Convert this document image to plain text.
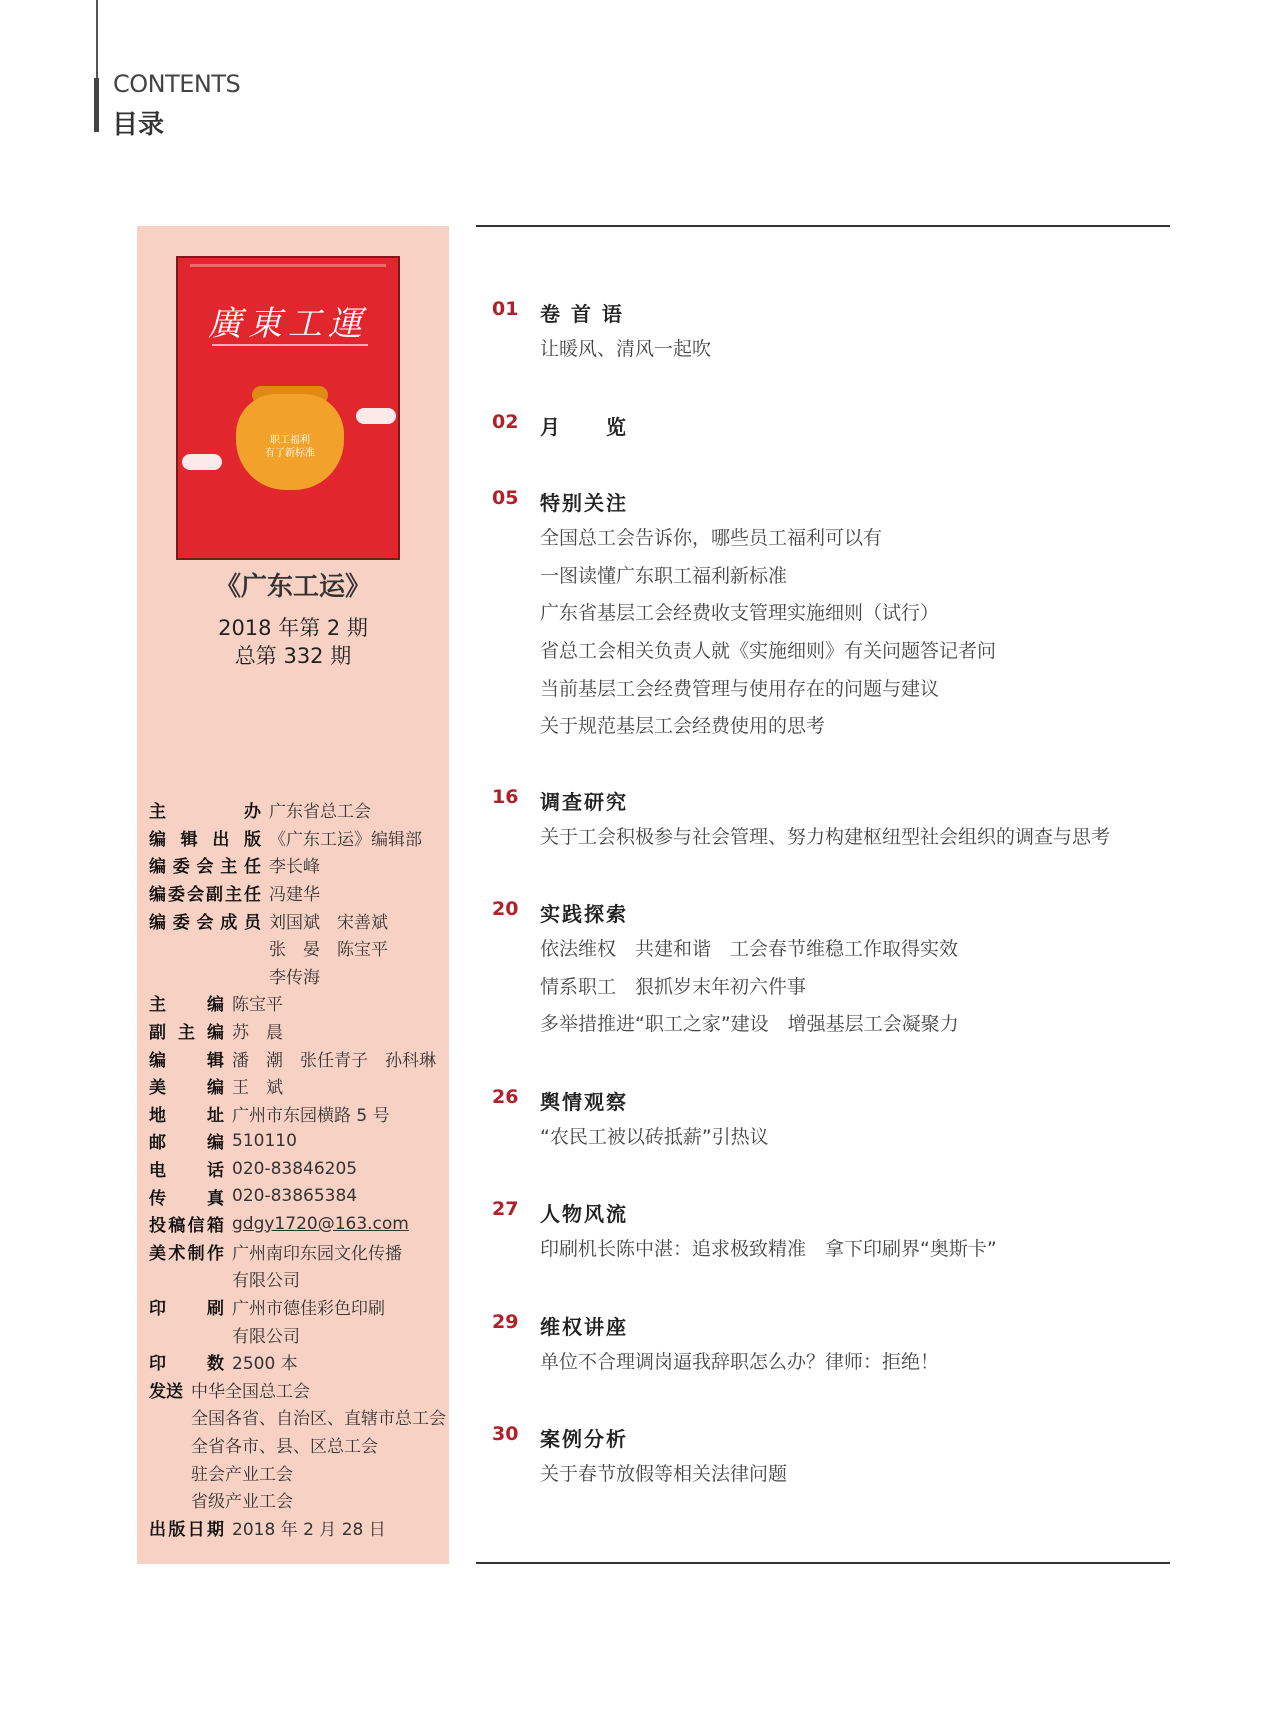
CONTENTS
目录
廣東工運
职工福利
有了新标准

《广东工运》
2018 年第 2 期
总第 332 期
主　　　办 广东省总工会
编辑出版 《广东工运》编辑部
编委会主任 李长峰
编委会副主任 冯建华
编委会成员 刘国斌　宋善斌
张　晏　陈宝平
李传海
主　　编 陈宝平
副主编 苏　晨
编　　辑 潘　潮　张任青子　孙科琳
美　　编 王　斌
地　　址 广州市东园横路 5 号
邮　　编 510110
电　　话 020-83846205
传　　真 020-83865384
投稿信箱 gdgy1720@163.com
美术制作 广州南印东园文化传播
有限公司
印　　刷 广州市德佳彩色印刷
有限公司
印　　数 2500 本
发送 中华全国总工会
全国各省、自治区、直辖市总工会
全省各市、县、区总工会
驻会产业工会
省级产业工会
出版日期 2018 年 2 月 28 日
01 卷 首 语
让暖风、清风一起吹
02 月　　览
05 特别关注
全国总工会告诉你，哪些员工福利可以有
一图读懂广东职工福利新标准
广东省基层工会经费收支管理实施细则（试行）
省总工会相关负责人就《实施细则》有关问题答记者问
当前基层工会经费管理与使用存在的问题与建议
关于规范基层工会经费使用的思考
16 调查研究
关于工会积极参与社会管理、努力构建枢纽型社会组织的调查与思考
20 实践探索
依法维权　共建和谐　工会春节维稳工作取得实效
情系职工　狠抓岁末年初六件事
多举措推进“职工之家”建设　增强基层工会凝聚力
26 舆情观察
“农民工被以砖抵薪”引热议
27 人物风流
印刷机长陈中湛：追求极致精准　拿下印刷界“奥斯卡”
29 维权讲座
单位不合理调岗逼我辞职怎么办？律师：拒绝！
30 案例分析
关于春节放假等相关法律问题
